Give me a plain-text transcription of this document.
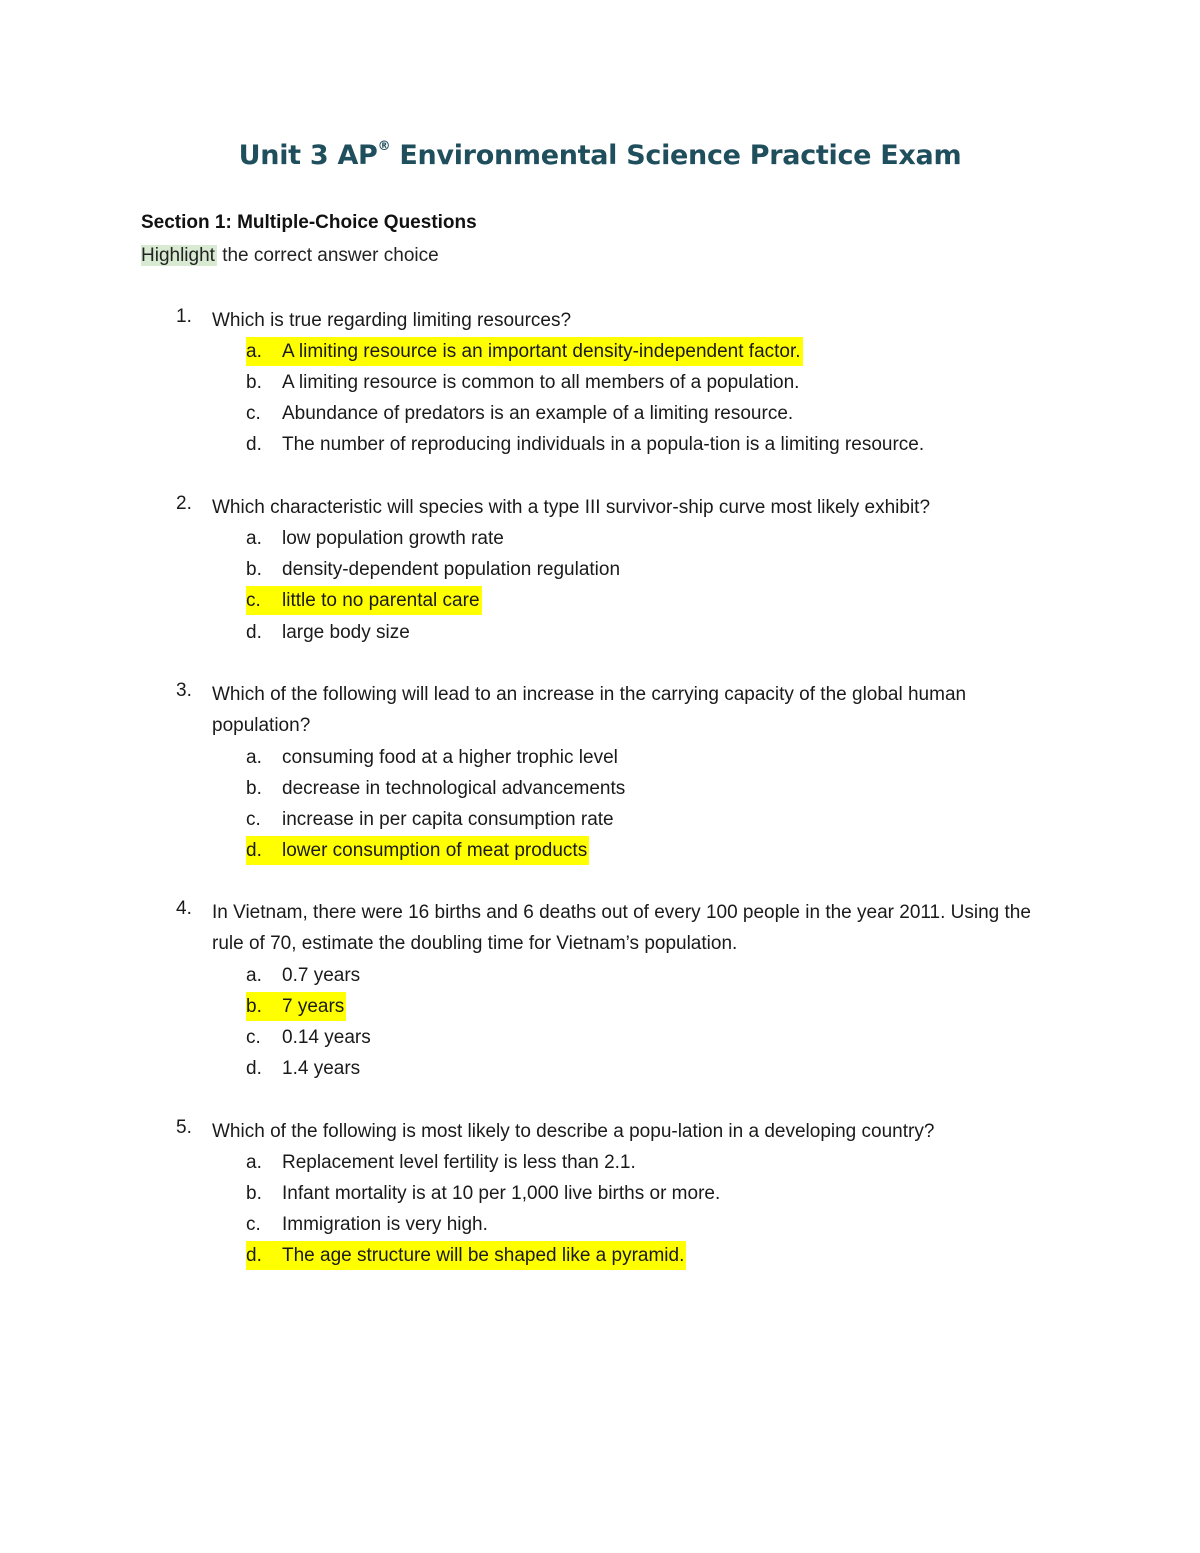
Unit 3 AP® Environmental Science Practice Exam
Section 1: Multiple-Choice Questions
Highlight the correct answer choice
1. Which is true regarding limiting resources?
a. A limiting resource is an important density-independent factor.
b. A limiting resource is common to all members of a population.
c. Abundance of predators is an example of a limiting resource.
d. The number of reproducing individuals in a popula-tion is a limiting resource.
2. Which characteristic will species with a type III survivor-ship curve most likely exhibit?
a. low population growth rate
b. density-dependent population regulation
c. little to no parental care
d. large body size
3. Which of the following will lead to an increase in the carrying capacity of the global human population?
a. consuming food at a higher trophic level
b. decrease in technological advancements
c. increase in per capita consumption rate
d. lower consumption of meat products
4. In Vietnam, there were 16 births and 6 deaths out of every 100 people in the year 2011. Using the rule of 70, estimate the doubling time for Vietnam’s population.
a. 0.7 years
b. 7 years
c. 0.14 years
d. 1.4 years
5. Which of the following is most likely to describe a popu-lation in a developing country?
a. Replacement level fertility is less than 2.1.
b. Infant mortality is at 10 per 1,000 live births or more.
c. Immigration is very high.
d. The age structure will be shaped like a pyramid.
